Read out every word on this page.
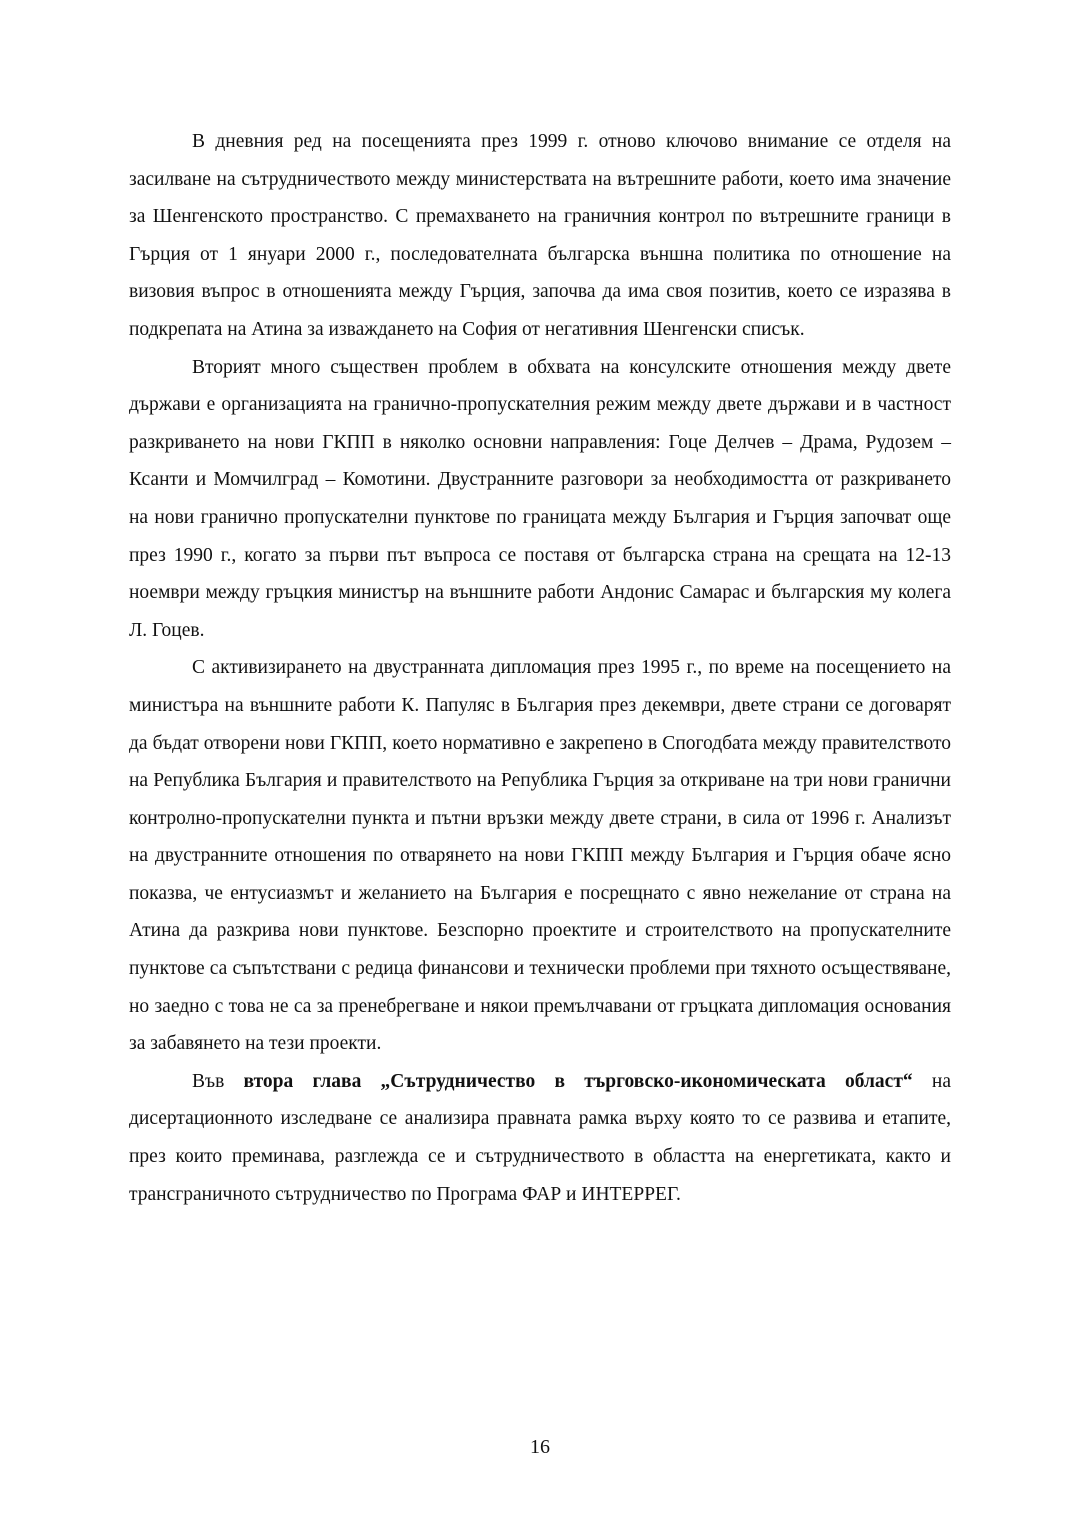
В дневния ред на посещенията през 1999 г. отново ключово внимание се отделя на засилване на сътрудничеството между министерствата на вътрешните работи, което има значение за Шенгенското пространство. С премахването на граничния контрол по вътрешните граници в Гърция от 1 януари 2000 г., последователната българска външна политика по отношение на визовия въпрос в отношенията между Гърция, започва да има своя позитив, което се изразява в подкрепата на Атина за изваждането на София от негативния Шенгенски списък.

Вторият много съществен проблем в обхвата на консулските отношения между двете държави е организацията на гранично-пропускателния режим между двете държави и в частност разкриването на нови ГКПП в няколко основни направления: Гоце Делчев – Драма, Рудозем – Ксанти и Момчилград – Комотини. Двустранните разговори за необходимостта от разкриването на нови гранично пропускателни пунктове по границата между България и Гърция започват още през 1990 г., когато за първи път въпроса се поставя от българска страна на срещата на 12-13 ноември между гръцкия министър на външните работи Андонис Самарас и българския му колега Л. Гоцев.

С активизирането на двустранната дипломация през 1995 г., по време на посещението на министъра на външните работи К. Папуляс в България през декември, двете страни се договарят да бъдат отворени нови ГКПП, което нормативно е закрепено в Спогодбата между правителството на Република България и правителството на Република Гърция за откриване на три нови гранични контролно-пропускателни пункта и пътни връзки между двете страни, в сила от 1996 г. Анализът на двустранните отношения по отварянето на нови ГКПП между България и Гърция обаче ясно показва, че ентусиазмът и желанието на България е посрещнато с явно нежелание от страна на Атина да разкрива нови пунктове. Безспорно проектите и строителството на пропускателните пунктове са съпътствани с редица финансови и технически проблеми при тяхното осъществяване, но заедно с това не са за пренебрегване и някои премълчавани от гръцката дипломация основания за забавянето на тези проекти.

Във втора глава „Сътрудничество в търговско-икономическата област“ на дисертационното изследване се анализира правната рамка върху която то се развива и етапите, през които преминава, разглежда се и сътрудничеството в областта на енергетиката, както и трансграничното сътрудничество по Програма ФАР и ИНТЕРРЕГ.

16
